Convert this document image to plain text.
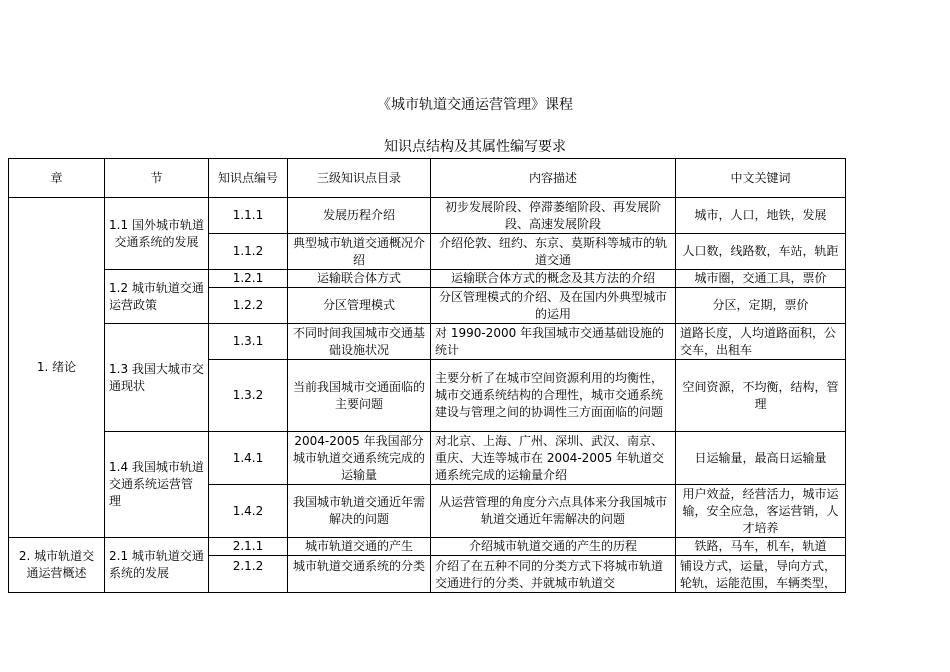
《城市轨道交通运营管理》课程
知识点结构及其属性编写要求
章	节	知识点编号	三级知识点目录	内容描述	中文关键词
1. 绪论	1.1 国外城市轨道交通系统的发展	1.1.1	发展历程介绍	初步发展阶段、停滞萎缩阶段、再发展阶段、高速发展阶段	城市，人口，地铁，发展
		1.1.2	典型城市轨道交通概况介绍	介绍伦敦、纽约、东京、莫斯科等城市的轨道交通	人口数，线路数，车站，轨距
	1.2 城市轨道交通运营政策	1.2.1	运输联合体方式	运输联合体方式的概念及其方法的介绍	城市圈，交通工具，票价
		1.2.2	分区管理模式	分区管理模式的介绍、及在国内外典型城市的运用	分区，定期，票价
	1.3 我国大城市交通现状	1.3.1	不同时间我国城市交通基础设施状况	对 1990-2000 年我国城市交通基础设施的统计	道路长度，人均道路面积，公交车，出租车
		1.3.2	当前我国城市交通面临的主要问题	主要分析了在城市空间资源利用的均衡性，城市交通系统结构的合理性，城市交通系统建设与管理之间的协调性三方面面临的问题	空间资源，不均衡，结构，管理
	1.4 我国城市轨道交通系统运营管理	1.4.1	2004-2005 年我国部分城市轨道交通系统完成的运输量	对北京、上海、广州、深圳、武汉、南京、重庆、大连等城市在 2004-2005 年轨道交通系统完成的运输量介绍	日运输量，最高日运输量
		1.4.2	我国城市轨道交通近年需解决的问题	从运营管理的角度分六点具体来分我国城市轨道交通近年需解决的问题	用户效益，经营活力，城市运输，安全应急，客运营销，人才培养
2. 城市轨道交通运营概述	2.1 城市轨道交通系统的发展	2.1.1	城市轨道交通的产生	介绍城市轨道交通的产生的历程	铁路，马车，机车，轨道
		2.1.2	城市轨道交通系统的分类	介绍了在五种不同的分类方式下将城市轨道交通进行的分类、并就城市轨道交	铺设方式，运量，导向方式，轮轨，运能范围，车辆类型，
